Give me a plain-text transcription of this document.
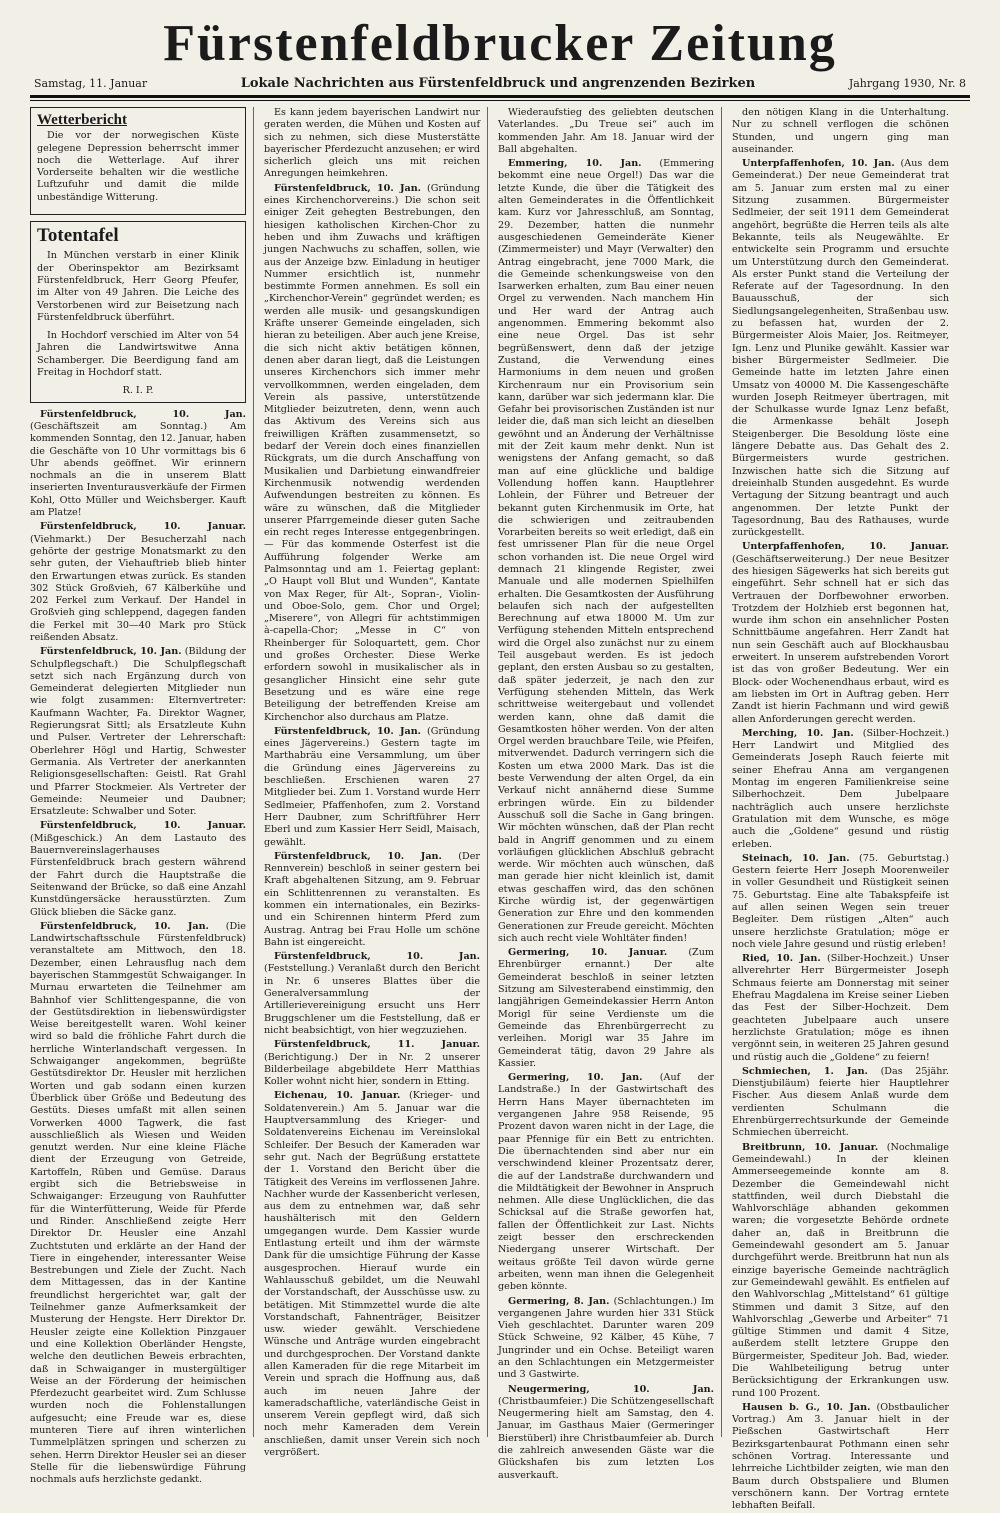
Fürstenfeldbrucker Zeitung
Samstag, 11. Januar	Lokale Nachrichten aus Fürstenfeldbruck und angrenzenden Bezirken	Jahrgang 1930, Nr. 8
Wetterbericht

Die vor der norwegischen Küste gelegene Depression beherrscht immer noch die Wetterlage. Auf ihrer Vorderseite behalten wir die westliche Luftzufuhr und damit die milde unbeständige Witterung.

Totentafel

In München verstarb in einer Klinik der Oberinspektor am Bezirksamt Fürstenfeldbruck, Herr Georg Pfeufer, im Alter von 49 Jahren. Die Leiche des Verstorbenen wird zur Beisetzung nach Fürstenfeldbruck überführt.

In Hochdorf verschied im Alter von 54 Jahren die Landwirtswitwe Anna Schamberger. Die Beerdigung fand am Freitag in Hochdorf statt.

R. I. P.

Fürstenfeldbruck, 10. Jan. (Geschäftszeit am Sonntag.) Am kommenden Sonntag, den 12. Januar, haben die Geschäfte von 10 Uhr vormittags bis 6 Uhr abends geöffnet. Wir erinnern nochmals an die in unserem Blatt inserierten Inventurausverkäufe der Firmen Kohl, Otto Müller und Weichsberger. Kauft am Platze!

Fürstenfeldbruck, 10. Januar. (Viehmarkt.) Der Besucherzahl nach gehörte der gestrige Monatsmarkt zu den sehr guten, der Viehauftrieb blieb hinter den Erwartungen etwas zurück. Es standen 302 Stück Großvieh, 67 Kälberkühe und 202 Ferkel zum Verkauf. Der Handel in Großvieh ging schleppend, dagegen fanden die Ferkel mit 30—40 Mark pro Stück reißenden Absatz.

Fürstenfeldbruck, 10. Jan. (Bildung der Schulpflegschaft.) Die Schulpflegschaft setzt sich nach Ergänzung durch von Gemeinderat delegierten Mitglieder nun wie folgt zusammen: Elternvertreter: Kaufmann Wachter, Fa. Direktor Wagner, Regierungsrat Sittl; als Ersatzleute Kuhn und Pulser. Vertreter der Lehrerschaft: Oberlehrer Högl und Hartig, Schwester Germania. Als Vertreter der anerkannten Religionsgesellschaften: Geistl. Rat Grahl und Pfarrer Stockmeier. Als Vertreter der Gemeinde: Neumeier und Daubner; Ersatzleute: Schwalber und Soter.

Fürstenfeldbruck, 10. Januar. (Mißgeschick.) An dem Lastauto des Bauernvereinslagerhauses Fürstenfeldbruck brach gestern während der Fahrt durch die Hauptstraße die Seitenwand der Brücke, so daß eine Anzahl Kunstdüngersäcke herausstürzten. Zum Glück blieben die Säcke ganz.

Fürstenfeldbruck, 10. Jan. (Die Landwirtschaftsschule Fürstenfeldbruck) veranstaltete am Mittwoch, den 18. Dezember, einen Lehrausflug nach dem bayerischen Stammgestüt Schwaiganger. In Murnau erwarteten die Teilnehmer am Bahnhof vier Schlittengespanne, die von der Gestütsdirektion in liebenswürdigster Weise bereitgestellt waren. Wohl keiner wird so bald die fröhliche Fahrt durch die herrliche Winterlandschaft vergessen. In Schwaiganger angekommen, begrüßte Gestütsdirektor Dr. Heusler mit herzlichen Worten und gab sodann einen kurzen Überblick über Größe und Bedeutung des Gestüts. Dieses umfaßt mit allen seinen Vorwerken 4000 Tagwerk, die fast ausschließlich als Wiesen und Weiden genutzt werden. Nur eine kleine Fläche dient der Erzeugung von Getreide, Kartoffeln, Rüben und Gemüse. Daraus ergibt sich die Betriebsweise in Schwaiganger: Erzeugung von Rauhfutter für die Winterfütterung, Weide für Pferde und Rinder. Anschließend zeigte Herr Direktor Dr. Heusler eine Anzahl Zuchtstuten und erklärte an der Hand der Tiere in eingehender, interessanter Weise Bestrebungen und Ziele der Zucht. Nach dem Mittagessen, das in der Kantine freundlichst hergerichtet war, galt der Teilnehmer ganze Aufmerksamkeit der Musterung der Hengste. Herr Direktor Dr. Heusler zeigte eine Kollektion Pinzgauer und eine Kollektion Oberländer Hengste, welche den deutlichen Beweis erbrachten, daß in Schwaiganger in mustergültiger Weise an der Förderung der heimischen Pferdezucht gearbeitet wird. Zum Schlusse wurden noch die Fohlenstallungen aufgesucht; eine Freude war es, diese munteren Tiere auf ihren winterlichen Tummelplätzen springen und scherzen zu sehen. Herrn Direktor Heusler sei an dieser Stelle für die liebenswürdige Führung nochmals aufs herzlichste gedankt.

Es kann jedem bayerischen Landwirt nur geraten werden, die Mühen und Kosten auf sich zu nehmen, sich diese Musterstätte bayerischer Pferdezucht anzusehen; er wird sicherlich gleich uns mit reichen Anregungen heimkehren.

Fürstenfeldbruck, 10. Jan. (Gründung eines Kirchenchorvereins.) Die schon seit einiger Zeit gehegten Bestrebungen, den hiesigen katholischen Kirchen-Chor zu heben und ihm Zuwachs und kräftigen jungen Nachwuchs zu schaffen, sollen, wie aus der Anzeige bzw. Einladung in heutiger Nummer ersichtlich ist, nunmehr bestimmte Formen annehmen. Es soll ein „Kirchenchor-Verein“ gegründet werden; es werden alle musik- und gesangskundigen Kräfte unserer Gemeinde eingeladen, sich hieran zu beteiligen. Aber auch jene Kreise, die sich nicht aktiv betätigen können, denen aber daran liegt, daß die Leistungen unseres Kirchenchors sich immer mehr vervollkommnen, werden eingeladen, dem Verein als passive, unterstützende Mitglieder beizutreten, denn, wenn auch das Aktivum des Vereins sich aus freiwilligen Kräften zusammensetzt, so bedarf der Verein doch eines finanziellen Rückgrats, um die durch Anschaffung von Musikalien und Darbietung einwandfreier Kirchenmusik notwendig werdenden Aufwendungen bestreiten zu können. Es wäre zu wünschen, daß die Mitglieder unserer Pfarrgemeinde dieser guten Sache ein recht reges Interesse entgegenbringen. — Für das kommende Osterfest ist die Aufführung folgender Werke am Palmsonntag und am 1. Feiertag geplant: „O Haupt voll Blut und Wunden“, Kantate von Max Reger, für Alt-, Sopran-, Violin- und Oboe-Solo, gem. Chor und Orgel; „Miserere“, von Allegri für achtstimmigen à-capella-Chor; „Messe in C“ von Rheinberger für Soloquartett, gem. Chor und großes Orchester. Diese Werke erfordern sowohl in musikalischer als in gesanglicher Hinsicht eine sehr gute Besetzung und es wäre eine rege Beteiligung der betreffenden Kreise am Kirchenchor also durchaus am Platze.

Fürstenfeldbruck, 10. Jan. (Gründung eines Jägervereins.) Gestern tagte im Marthabräu eine Versammlung, um über die Gründung eines Jägervereins zu beschließen. Erschienen waren 27 Mitglieder bei. Zum 1. Vorstand wurde Herr Sedlmeier, Pfaffenhofen, zum 2. Vorstand Herr Daubner, zum Schriftführer Herr Eberl und zum Kassier Herr Seidl, Maisach, gewählt.

Fürstenfeldbruck, 10. Jan. (Der Rennverein) beschloß in seiner gestern bei Kraft abgehaltenen Sitzung, am 9. Februar ein Schlittenrennen zu veranstalten. Es kommen ein internationales, ein Bezirks- und ein Schirennen hinterm Pferd zum Austrag. Antrag bei Frau Holle um schöne Bahn ist eingereicht.

Fürstenfeldbruck, 10. Jan. (Feststellung.) Veranlaßt durch den Bericht in Nr. 6 unseres Blattes über die Generalversammlung der Artillerievereinigung ersucht uns Herr Bruggschlener um die Feststellung, daß er nicht beabsichtigt, von hier wegzuziehen.

Fürstenfeldbruck, 11. Januar. (Berichtigung.) Der in Nr. 2 unserer Bilderbeilage abgebildete Herr Matthias Koller wohnt nicht hier, sondern in Etting.

Eichenau, 10. Januar. (Krieger- und Soldatenverein.) Am 5. Januar war die Hauptversammlung des Krieger- und Soldatenvereins Eichenau im Vereinslokal Schleifer. Der Besuch der Kameraden war sehr gut. Nach der Begrüßung erstattete der 1. Vorstand den Bericht über die Tätigkeit des Vereins im verflossenen Jahre. Nachher wurde der Kassenbericht verlesen, aus dem zu entnehmen war, daß sehr haushälterisch mit den Geldern umgegangen wurde. Dem Kassier wurde Entlastung erteilt und ihm der wärmste Dank für die umsichtige Führung der Kasse ausgesprochen. Hierauf wurde ein Wahlausschuß gebildet, um die Neuwahl der Vorstandschaft, der Ausschüsse usw. zu betätigen. Mit Stimmzettel wurde die alte Vorstandschaft, Fahnenträger, Beisitzer usw. wieder gewählt. Verschiedene Wünsche und Anträge wurden eingebracht und durchgesprochen. Der Vorstand dankte allen Kameraden für die rege Mitarbeit im Verein und sprach die Hoffnung aus, daß auch im neuen Jahre der kameradschaftliche, vaterländische Geist in unserem Verein gepflegt wird, daß sich noch mehr Kameraden dem Verein anschließen, damit unser Verein sich noch vergrößert.

Wiederaufstieg des geliebten deutschen Vaterlandes. „Du Treue sei“ auch im kommenden Jahr. Am 18. Januar wird der Ball abgehalten.

Emmering, 10. Jan. (Emmering bekommt eine neue Orgel!) Das war die letzte Kunde, die über die Tätigkeit des alten Gemeinderates in die Öffentlichkeit kam. Kurz vor Jahresschluß, am Sonntag, 29. Dezember, hatten die nunmehr ausgeschiedenen Gemeinderäte Kiener (Zimmermeister) und Mayr (Verwalter) den Antrag eingebracht, jene 7000 Mark, die die Gemeinde schenkungsweise von den Isarwerken erhalten, zum Bau einer neuen Orgel zu verwenden. Nach manchem Hin und Her ward der Antrag auch angenommen. Emmering bekommt also eine neue Orgel. Das ist sehr begrüßenswert, denn daß der jetzige Zustand, die Verwendung eines Harmoniums in dem neuen und großen Kirchenraum nur ein Provisorium sein kann, darüber war sich jedermann klar. Die Gefahr bei provisorischen Zuständen ist nur leider die, daß man sich leicht an dieselben gewöhnt und an Änderung der Verhältnisse mit der Zeit kaum mehr denkt. Nun ist wenigstens der Anfang gemacht, so daß man auf eine glückliche und baldige Vollendung hoffen kann. Hauptlehrer Lohlein, der Führer und Betreuer der bekannt guten Kirchenmusik im Orte, hat die schwierigen und zeitraubenden Vorarbeiten bereits so weit erledigt, daß ein fest umrissener Plan für die neue Orgel schon vorhanden ist. Die neue Orgel wird demnach 21 klingende Register, zwei Manuale und alle modernen Spielhilfen erhalten. Die Gesamtkosten der Ausführung belaufen sich nach der aufgestellten Berechnung auf etwa 18000 M. Um zur Verfügung stehenden Mitteln entsprechend wird die Orgel also zunächst nur zu einem Teil ausgebaut werden. Es ist jedoch geplant, den ersten Ausbau so zu gestalten, daß später jederzeit, je nach den zur Verfügung stehenden Mitteln, das Werk schrittweise weitergebaut und vollendet werden kann, ohne daß damit die Gesamtkosten höher werden. Von der alten Orgel werden brauchbare Teile, wie Pfeifen, mitverwendet. Dadurch verringern sich die Kosten um etwa 2000 Mark. Das ist die beste Verwendung der alten Orgel, da ein Verkauf nicht annähernd diese Summe erbringen würde. Ein zu bildender Ausschuß soll die Sache in Gang bringen. Wir möchten wünschen, daß der Plan recht bald in Angriff genommen und zu einem vorläufigen glücklichen Abschluß gebracht werde. Wir möchten auch wünschen, daß man gerade hier nicht kleinlich ist, damit etwas geschaffen wird, das den schönen Kirche würdig ist, der gegenwärtigen Generation zur Ehre und den kommenden Generationen zur Freude gereicht. Möchten sich auch recht viele Wohltäter finden!

Germering, 10. Januar. (Zum Ehrenbürger ernannt.) Der alte Gemeinderat beschloß in seiner letzten Sitzung am Silvesterabend einstimmig, den langjährigen Gemeindekassier Herrn Anton Morigl für seine Verdienste um die Gemeinde das Ehrenbürgerrecht zu verleihen. Morigl war 35 Jahre im Gemeinderat tätig, davon 29 Jahre als Kassier.

Germering, 10. Jan. (Auf der Landstraße.) In der Gastwirtschaft des Herrn Hans Mayer übernachteten im vergangenen Jahre 958 Reisende, 95 Prozent davon waren nicht in der Lage, die paar Pfennige für ein Bett zu entrichten. Die übernachtenden sind aber nur ein verschwindend kleiner Prozentsatz derer, die auf der Landstraße durchwandern und die Mildtätigkeit der Bewohner in Anspruch nehmen. Alle diese Unglücklichen, die das Schicksal auf die Straße geworfen hat, fallen der Öffentlichkeit zur Last. Nichts zeigt besser den erschreckenden Niedergang unserer Wirtschaft. Der weitaus größte Teil davon würde gerne arbeiten, wenn man ihnen die Gelegenheit geben könnte.

Germering, 8. Jan. (Schlachtungen.) Im vergangenen Jahre wurden hier 331 Stück Vieh geschlachtet. Darunter waren 209 Stück Schweine, 92 Kälber, 45 Kühe, 7 Jungrinder und ein Ochse. Beteiligt waren an den Schlachtungen ein Metzgermeister und 3 Gastwirte.

Neugermering, 10. Jan. (Christbaumfeier.) Die Schützengesellschaft Neugermering hielt am Samstag, den 4. Januar, im Gasthaus Maier (Germeringer Bierstüberl) ihre Christbaumfeier ab. Durch die zahlreich anwesenden Gäste war die Glückshafen bis zum letzten Los ausverkauft.

den nötigen Klang in die Unterhaltung. Nur zu schnell verflogen die schönen Stunden, und ungern ging man auseinander.

Unterpfaffenhofen, 10. Jan. (Aus dem Gemeinderat.) Der neue Gemeinderat trat am 5. Januar zum ersten mal zu einer Sitzung zusammen. Bürgermeister Sedlmeier, der seit 1911 dem Gemeinderat angehört, begrüßte die Herren teils als alte Bekannte, teils als Neugewählte. Er entwickelte sein Programm und ersuchte um Unterstützung durch den Gemeinderat. Als erster Punkt stand die Verteilung der Referate auf der Tagesordnung. In den Bauausschuß, der sich Siedlungsangelegenheiten, Straßenbau usw. zu befassen hat, wurden der 2. Bürgermeister Alois Maier, Jos. Reitmeyer, Ign. Lenz und Plunike gewählt. Kassier war bisher Bürgermeister Sedlmeier. Die Gemeinde hatte im letzten Jahre einen Umsatz von 40000 M. Die Kassengeschäfte wurden Joseph Reitmeyer übertragen, mit der Schulkasse wurde Ignaz Lenz befaßt, die Armenkasse behält Joseph Steigenberger. Die Besoldung löste eine längere Debatte aus. Das Gehalt des 2. Bürgermeisters wurde gestrichen. Inzwischen hatte sich die Sitzung auf dreieinhalb Stunden ausgedehnt. Es wurde Vertagung der Sitzung beantragt und auch angenommen. Der letzte Punkt der Tagesordnung, Bau des Rathauses, wurde zurückgestellt.

Unterpfaffenhofen, 10. Januar. (Geschäftserweiterung.) Der neue Besitzer des hiesigen Sägewerks hat sich bereits gut eingeführt. Sehr schnell hat er sich das Vertrauen der Dorfbewohner erworben. Trotzdem der Holzhieb erst begonnen hat, wurde ihm schon ein ansehnlicher Posten Schnittbäume angefahren. Herr Zandt hat nun sein Geschäft auch auf Blockhausbau erweitert. In unserem aufstrebenden Vorort ist das von großer Bedeutung. Wer ein Block- oder Wochenendhaus erbaut, wird es am liebsten im Ort in Auftrag geben. Herr Zandt ist hierin Fachmann und wird gewiß allen Anforderungen gerecht werden.

Merching, 10. Jan. (Silber-Hochzeit.) Herr Landwirt und Mitglied des Gemeinderats Joseph Rauch feierte mit seiner Ehefrau Anna am vergangenen Montag im engeren Familienkreise seine Silberhochzeit. Dem Jubelpaare nachträglich auch unsere herzlichste Gratulation mit dem Wunsche, es möge auch die „Goldene“ gesund und rüstig erleben.

Steinach, 10. Jan. (75. Geburtstag.) Gestern feierte Herr Joseph Moorenweiler in voller Gesundheit und Rüstigkeit seinen 75. Geburtstag. Eine alte Tabakspfeife ist auf allen seinen Wegen sein treuer Begleiter. Dem rüstigen „Alten“ auch unsere herzlichste Gratulation; möge er noch viele Jahre gesund und rüstig erleben!

Ried, 10. Jan. (Silber-Hochzeit.) Unser allverehrter Herr Bürgermeister Joseph Schmaus feierte am Donnerstag mit seiner Ehefrau Magdalena im Kreise seiner Lieben das Fest der Silber-Hochzeit. Dem geachteten Jubelpaare auch unsere herzlichste Gratulation; möge es ihnen vergönnt sein, in weiteren 25 Jahren gesund und rüstig auch die „Goldene“ zu feiern!

Schmiechen, 1. Jan. (Das 25jähr. Dienstjubiläum) feierte hier Hauptlehrer Fischer. Aus diesem Anlaß wurde dem verdienten Schulmann die Ehrenbürgerrechtsurkunde der Gemeinde Schmiechen überreicht.

Breitbrunn, 10. Januar. (Nochmalige Gemeindewahl.) In der kleinen Ammerseegemeinde konnte am 8. Dezember die Gemeindewahl nicht stattfinden, weil durch Diebstahl die Wahlvorschläge abhanden gekommen waren; die vorgesetzte Behörde ordnete daher an, daß in Breitbrunn die Gemeindewahl gesondert am 5. Januar durchgeführt werde. Breitbrunn hat nun als einzige bayerische Gemeinde nachträglich zur Gemeindewahl gewählt. Es entfielen auf den Wahlvorschlag „Mittelstand“ 61 gültige Stimmen und damit 3 Sitze, auf den Wahlvorschlag „Gewerbe und Arbeiter“ 71 gültige Stimmen und damit 4 Sitze, außerdem stellt letztere Gruppe den Bürgermeister, Spediteur Joh. Bad, wieder. Die Wahlbeteiligung betrug unter Berücksichtigung der Erkrankungen usw. rund 100 Prozent.

Hausen b. G., 10. Jan. (Obstbaulicher Vortrag.) Am 3. Januar hielt in der Pießschen Gastwirtschaft Herr Bezirksgartenbaurat Pothmann einen sehr schönen Vortrag. Interessante und lehrreiche Lichtbilder zeigten, wie man den Baum durch Obstspaliere und Blumen verschönern kann. Der Vortrag erntete lebhaften Beifall.
